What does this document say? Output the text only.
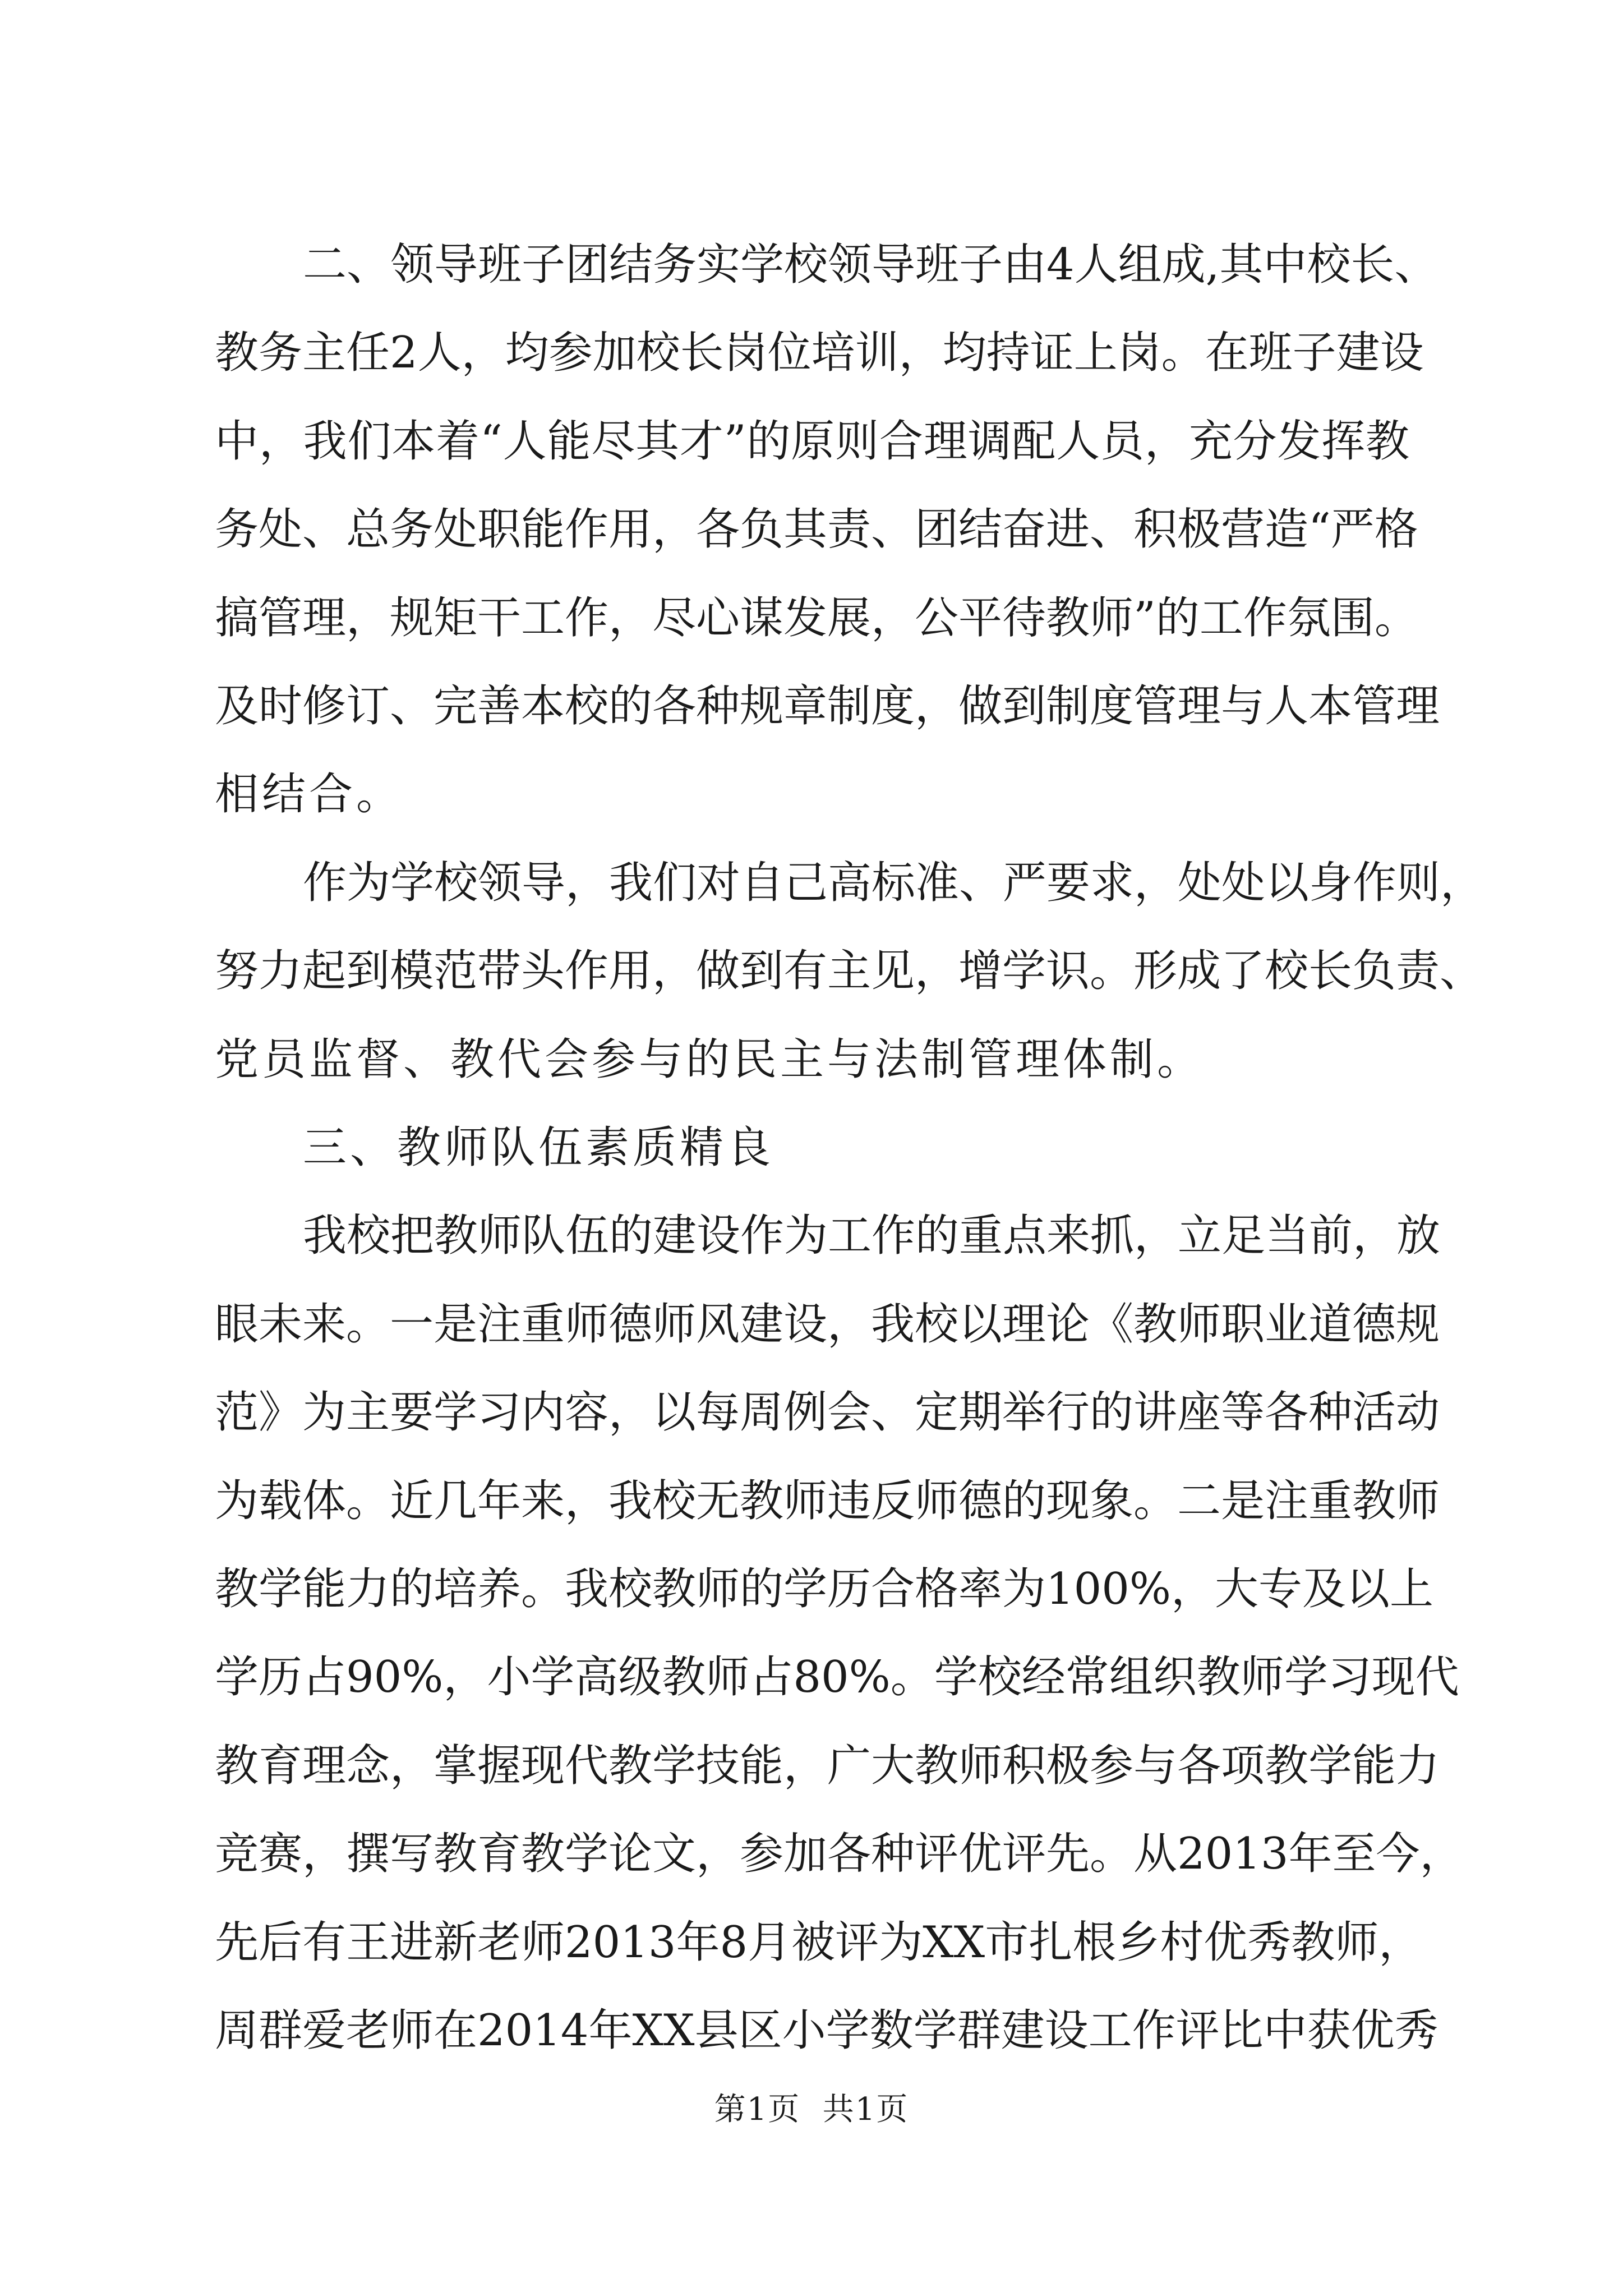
二、领导班子团结务实学校领导班子由4人组成,其中校长、
教务主任2人，均参加校长岗位培训，均持证上岗。在班子建设
中，我们本着“人能尽其才”的原则合理调配人员，充分发挥教
务处、总务处职能作用，各负其责、团结奋进、积极营造“严格
搞管理，规矩干工作，尽心谋发展，公平待教师”的工作氛围。
及时修订、完善本校的各种规章制度，做到制度管理与人本管理
相结合。
作为学校领导，我们对自己高标准、严要求，处处以身作则，
努力起到模范带头作用，做到有主见，增学识。形成了校长负责、
党员监督、教代会参与的民主与法制管理体制。
三、教师队伍素质精良
我校把教师队伍的建设作为工作的重点来抓，立足当前，放
眼未来。一是注重师德师风建设，我校以理论《教师职业道德规
范》为主要学习内容，以每周例会、定期举行的讲座等各种活动
为载体。近几年来，我校无教师违反师德的现象。二是注重教师
教学能力的培养。我校教师的学历合格率为100%，大专及以上
学历占90%，小学高级教师占80%。学校经常组织教师学习现代
教育理念，掌握现代教学技能，广大教师积极参与各项教学能力
竞赛，撰写教育教学论文，参加各种评优评先。从2013年至今，
先后有王进新老师2013年8月被评为XX市扎根乡村优秀教师，
周群爱老师在2014年XX县区小学数学群建设工作评比中获优秀
第1页  共1页
